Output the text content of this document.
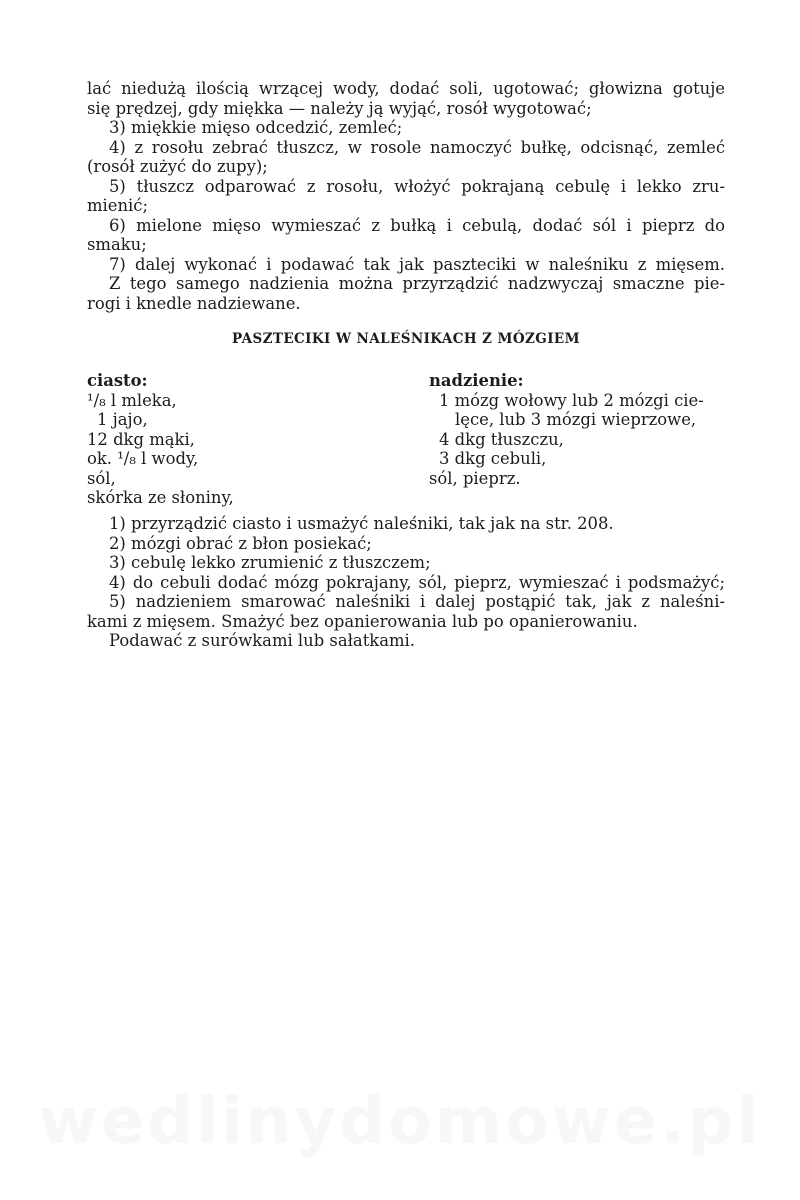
lać niedużą ilością wrzącej wody, dodać soli, ugotować; głowizna gotuje
się prędzej, gdy miękka — należy ją wyjąć, rosół wygotować;
3) miękkie mięso odcedzić, zemleć;
4) z rosołu zebrać tłuszcz, w rosole namoczyć bułkę, odcisnąć, zemleć
(rosół zużyć do zupy);
5) tłuszcz odparować z rosołu, włożyć pokrajaną cebulę i lekko zru-
mienić;
6) mielone mięso wymieszać z bułką i cebulą, dodać sól i pieprz do
smaku;
7) dalej wykonać i podawać tak jak paszteciki w naleśniku z mięsem.
Z tego samego nadzienia można przyrządzić nadzwyczaj smaczne pie-
rogi i knedle nadziewane.
PASZTECIKI W NALEŚNIKACH Z MÓZGIEM
ciasto:
¹/₈ l mleka,
1 jajo,
12 dkg mąki,
ok. ¹/₈ l wody,
sól,
skórka ze słoniny,
nadzienie:
1 mózg wołowy lub 2 mózgi cie-
lęce, lub 3 mózgi wieprzowe,
4 dkg tłuszczu,
3 dkg cebuli,
sól, pieprz.
1) przyrządzić ciasto i usmażyć naleśniki, tak jak na str. 208.
2) mózgi obrać z błon posiekać;
3) cebulę lekko zrumienić z tłuszczem;
4) do cebuli dodać mózg pokrajany, sól, pieprz, wymieszać i podsmażyć;
5) nadzieniem smarować naleśniki i dalej postąpić tak, jak z naleśni-
kami z mięsem. Smażyć bez opanierowania lub po opanierowaniu.
Podawać z surówkami lub sałatkami.
wedlinydomowe.pl
